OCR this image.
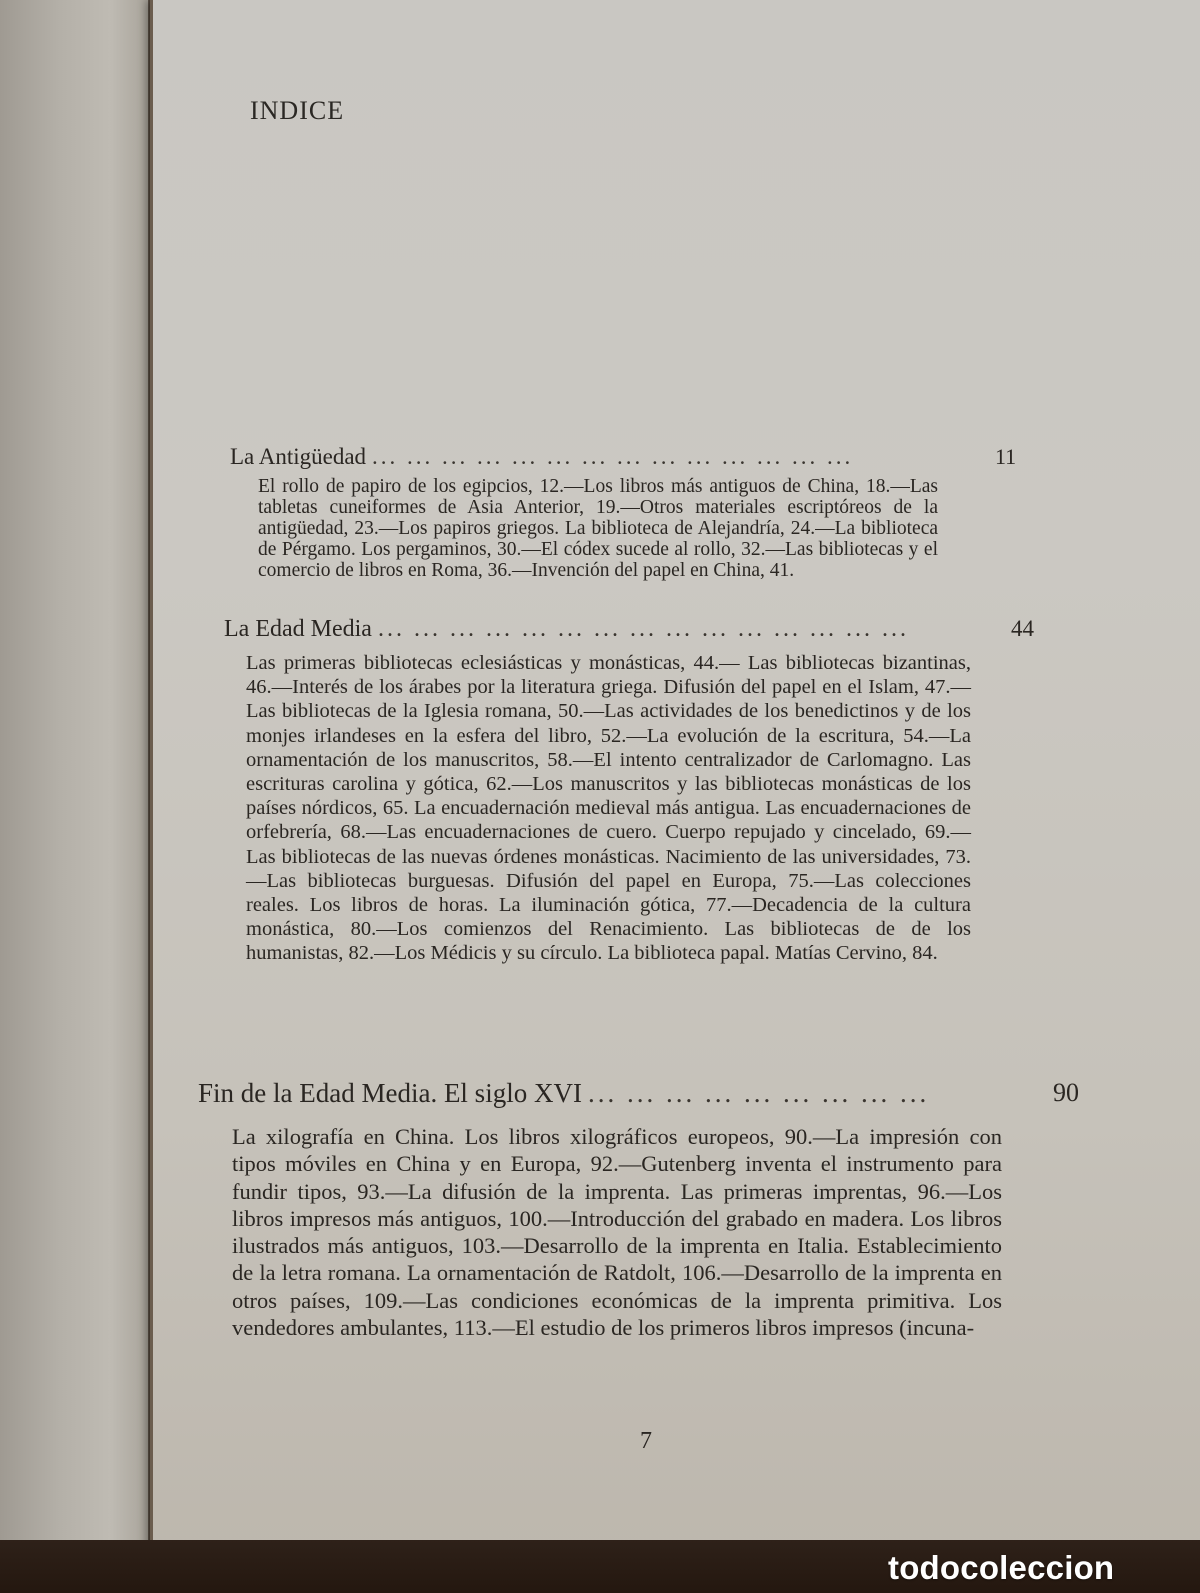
INDICE
La Antigüedad ... ... ... ... ... ... ... ... ... ... ... ... ... ...	11
El rollo de papiro de los egipcios, 12.—Los libros más antiguos de China, 18.—Las tabletas cuneiformes de Asia Anterior, 19.—Otros materiales escriptóreos de la antigüedad, 23.—Los papiros griegos. La biblioteca de Alejandría, 24.—La biblioteca de Pérgamo. Los pergaminos, 30.—El códex sucede al rollo, 32.—Las bibliotecas y el comercio de libros en Roma, 36.—Invención del papel en China, 41.
La Edad Media ... ... ... ... ... ... ... ... ... ... ... ... ... ... ...	44
Las primeras bibliotecas eclesiásticas y monásticas, 44.— Las bibliotecas bizantinas, 46.—Interés de los árabes por la literatura griega. Difusión del papel en el Islam, 47.—Las bibliotecas de la Iglesia romana, 50.—Las actividades de los benedictinos y de los monjes irlandeses en la esfera del libro, 52.—La evolución de la escritura, 54.—La ornamentación de los manuscritos, 58.—El intento centralizador de Carlomagno. Las escrituras carolina y gótica, 62.—Los manuscritos y las bibliotecas monásticas de los países nórdicos, 65. La encuadernación medieval más antigua. Las encuadernaciones de orfebrería, 68.—Las encuadernaciones de cuero. Cuerpo repujado y cincelado, 69.—Las bibliotecas de las nuevas órdenes monásticas. Nacimiento de las universidades, 73.—Las bibliotecas burguesas. Difusión del papel en Europa, 75.—Las colecciones reales. Los libros de horas. La iluminación gótica, 77.—Decadencia de la cultura monástica, 80.—Los comienzos del Renacimiento. Las bibliotecas de de los humanistas, 82.—Los Médicis y su círculo. La biblioteca papal. Matías Cervino, 84.
Fin de la Edad Media. El siglo XVI ... ... ... ... ... ... ... ... ...	90
La xilografía en China. Los libros xilográficos europeos, 90.—La impresión con tipos móviles en China y en Europa, 92.—Gutenberg inventa el instrumento para fundir tipos, 93.—La difusión de la imprenta. Las primeras imprentas, 96.—Los libros impresos más antiguos, 100.—Introducción del grabado en madera. Los libros ilustrados más antiguos, 103.—Desarrollo de la imprenta en Italia. Establecimiento de la letra romana. La ornamentación de Ratdolt, 106.—Desarrollo de la imprenta en otros países, 109.—Las condiciones económicas de la imprenta primitiva. Los vendedores ambulantes, 113.—El estudio de los primeros libros impresos (incuna-
7
todocoleccion
